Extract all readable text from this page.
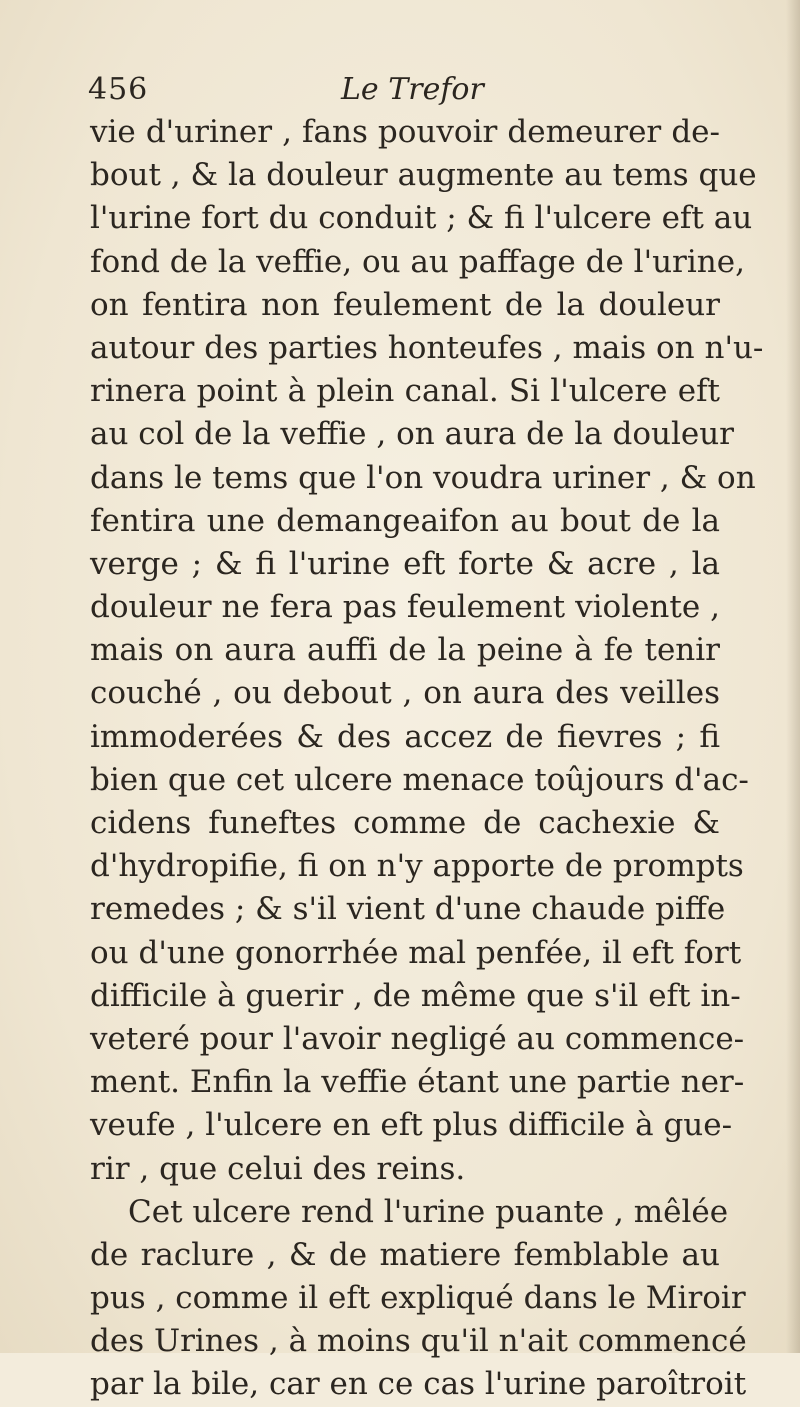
456	Le Trefor
vie d'uriner , fans pouvoir demeurer de-
bout , & la douleur augmente au tems que
l'urine fort du conduit ; & fi l'ulcere eft au
fond de la veffie, ou au paffage de l'urine,
on fentira non feulement de la douleur
autour des parties honteufes , mais on n'u-
rinera point à plein canal. Si l'ulcere eft
au col de la veffie , on aura de la douleur
dans le tems que l'on voudra uriner , & on
fentira une demangeaifon au bout de la
verge ; & fi l'urine eft forte & acre , la
douleur ne fera pas feulement violente ,
mais on aura auffi de la peine à fe tenir
couché , ou debout , on aura des veilles
immoderées & des accez de fievres ; fi
bien que cet ulcere menace toûjours d'ac-
cidens funeftes comme de cachexie &
d'hydropifie, fi on n'y apporte de prompts
remedes ; & s'il vient d'une chaude piffe
ou d'une gonorrhée mal penfée, il eft fort
difficile à guerir , de même que s'il eft in-
veteré pour l'avoir negligé au commence-
ment. Enfin la veffie étant une partie ner-
veufe , l'ulcere en eft plus difficile à gue-
rir , que celui des reins.
Cet ulcere rend l'urine puante , mêlée
de raclure , & de matiere femblable au
pus , comme il eft expliqué dans le Miroir
des Urines , à moins qu'il n'ait commencé
par la bile, car en ce cas l'urine paroîtroit
